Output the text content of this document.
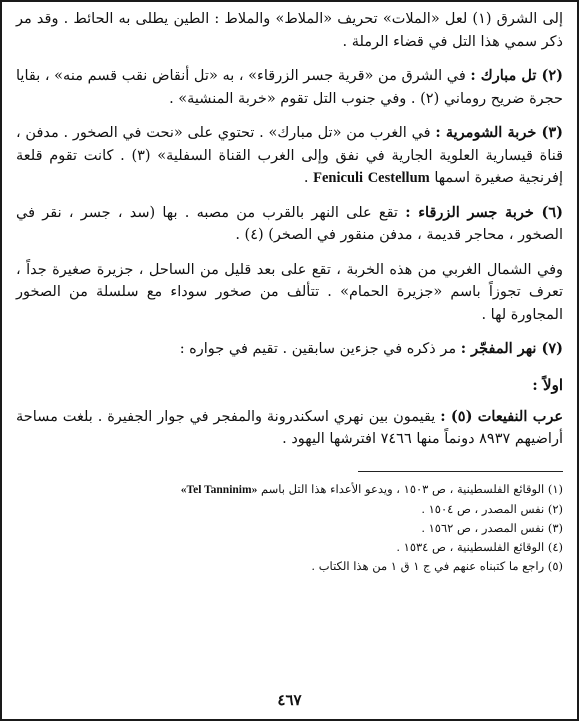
إلى الشرق (١) لعل «الملات» تحريف «الملاط» والملاط : الطين يطلى به الحائط . وقد مر ذكر سمي هذا التل في قضاء الرملة .

(٢) تل مبارك : في الشرق من «قرية جسر الزرقاء» ، به «تل أنقاض نقب قسم منه» ، بقايا حجرة ضريح روماني (٢) . وفي جنوب التل تقوم «خربة المنشية» .

(٣) خربة الشومرية : في الغرب من «تل مبارك» . تحتوي على «نحت في الصخور . مدفن ، قناة قيسارية العلوية الجارية في نفق وإلى الغرب القناة السفلية» (٣) . كانت تقوم قلعة إفرنجية صغيرة اسمها Cestellum Feniculi .

(٦) خربة جسر الزرقاء : تقع على النهر بالقرب من مصبه . بها (سد ، جسر ، نقر في الصخور ، محاجر قديمة ، مدفن منقور في الصخر) (٤) .

وفي الشمال الغربي من هذه الخربة ، تقع على بعد قليل من الساحل ، جزيرة صغيرة جداً ، تعرف تجوزاً باسم «جزيرة الحمام» . تتألف من صخور سوداء مع سلسلة من الصخور المجاورة لها .

(٧) نهر المفجّر : مر ذكره في جزءين سابقين . تقيم في جواره :

اولاً :

عرب النفيعات (٥) : يقيمون بين نهري اسكندرونة والمفجر في جوار الجفيرة . بلغت مساحة أراضيهم ٨٩٣٧ دونماً منها ٧٤٦٦ افترشها اليهود .

(١) الوقائع الفلسطينية ، ص ١٥٠٣ ، ويدعو الأعداء هذا التل باسم «Tel Tanninim»
(٢) نفس المصدر ، ص ١٥٠٤ .
(٣) نفس المصدر ، ص ١٥٦٢ .
(٤) الوقائع الفلسطينية ، ص ١٥٣٤ .
(٥) راجع ما كتبناه عنهم في ج ١ ق ١ من هذا الكتاب .
٤٦٧
